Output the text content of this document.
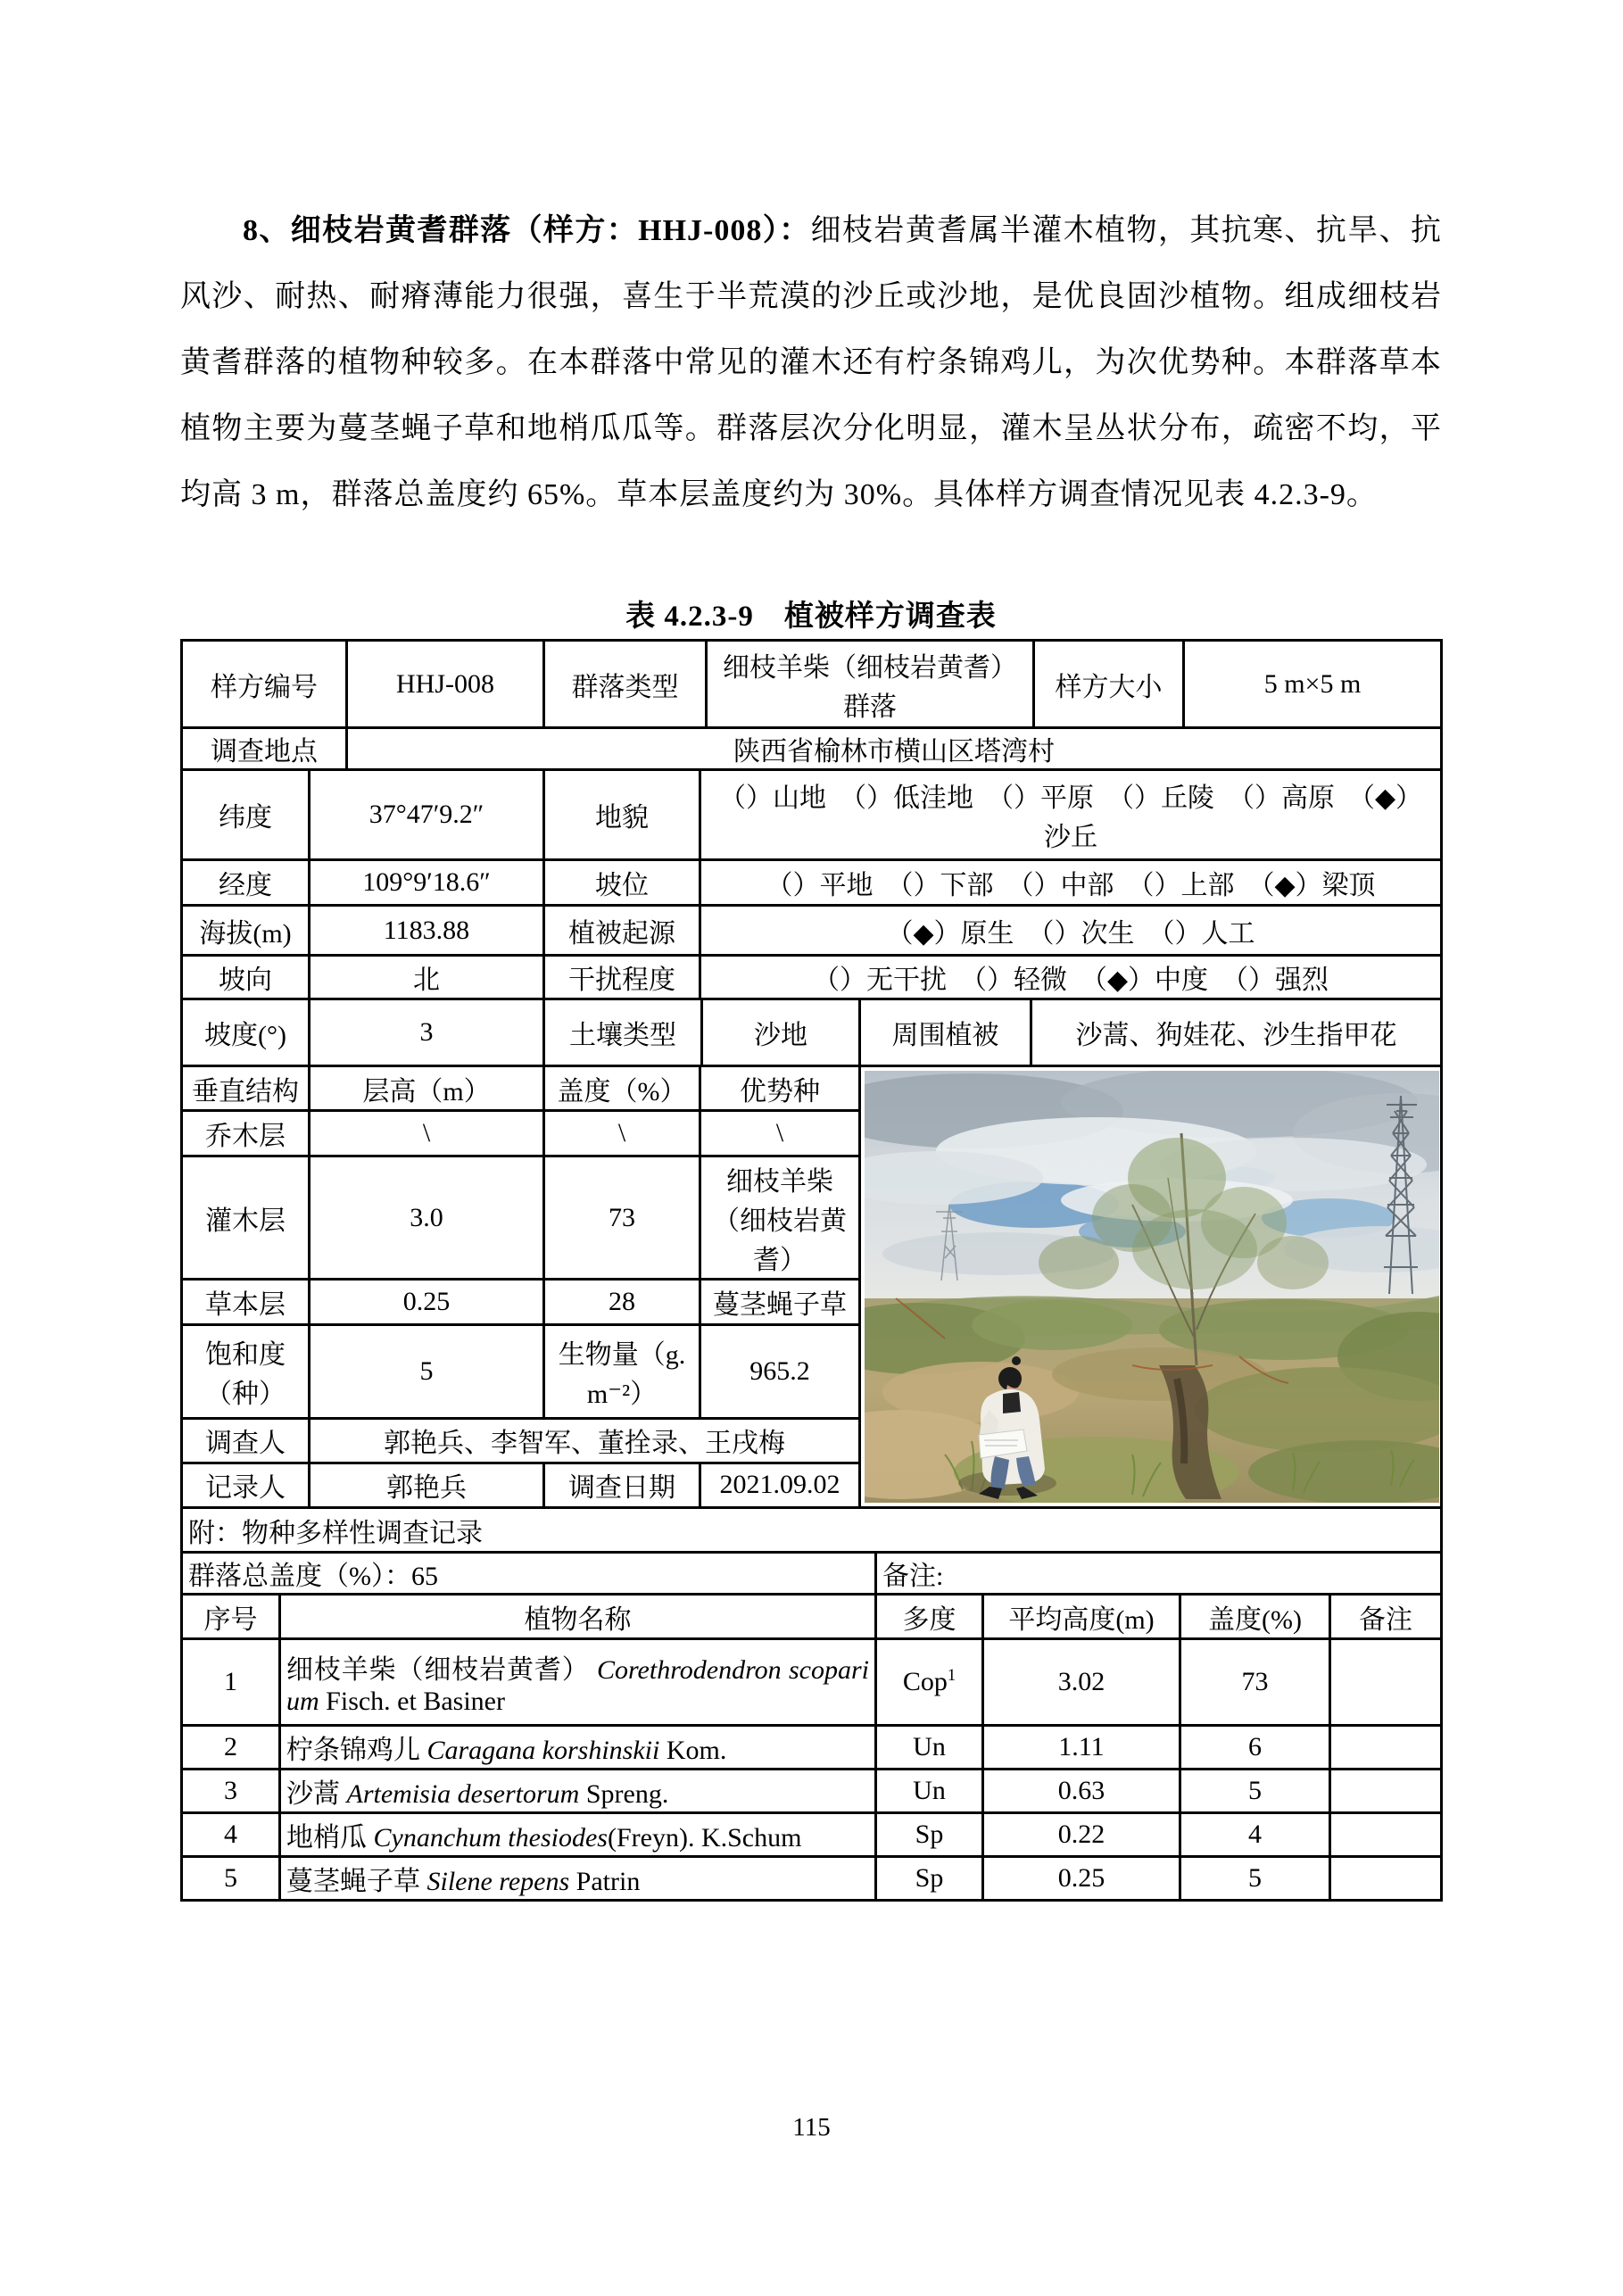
8、细枝岩黄耆群落（样方：HHJ-008）：细枝岩黄耆属半灌木植物，其抗寒、抗旱、抗风沙、耐热、耐瘠薄能力很强，喜生于半荒漠的沙丘或沙地，是优良固沙植物。组成细枝岩黄耆群落的植物种较多。在本群落中常见的灌木还有柠条锦鸡儿，为次优势种。本群落草本植物主要为蔓茎蝇子草和地梢瓜瓜等。群落层次分化明显，灌木呈丛状分布，疏密不均，平均高 3 m，群落总盖度约 65%。草本层盖度约为 30%。具体样方调查情况见表 4.2.3-9。
表 4.2.3-9　植被样方调查表
样方编号	HHJ-008	群落类型	细枝羊柴（细枝岩黄耆）群落	样方大小	5 m×5 m
调查地点	陕西省榆林市横山区塔湾村				
纬度	37°47′9.2″	地貌	（）山地　（）低洼地　（）平原　（）丘陵　（）高原　（◆）沙丘
经度	109°9′18.6″	坡位	（）平地　（）下部　（）中部　（）上部　（◆）梁顶
海拔(m)	1183.88	植被起源	（◆）原生　（）次生　（）人工
坡向	北	干扰程度	（）无干扰　（）轻微　（◆）中度　（）强烈
坡度(°)	3	土壤类型	沙地	周围植被	沙蒿、狗娃花、沙生指甲花
垂直结构	层高（m）	盖度（%）	优势种	

乔木层	\	\	\	
灌木层	3.0	73	细枝羊柴（细枝岩黄耆）	
草本层	0.25	28	蔓茎蝇子草	
饱和度（种）	5	生物量（g.m⁻²）	965.2	
调查人	郭艳兵、李智军、董拴录、王戌梅			
记录人	郭艳兵	调查日期	2021.09.02	
附：物种多样性调查记录
群落总盖度（%）：65	备注:
序号	植物名称	多度	平均高度(m)	盖度(%)	备注
1	细枝羊柴（细枝岩黄耆） Corethrodendron scoparium Fisch. et Basiner	Cop$^1$	3.02	73	
2	柠条锦鸡儿 Caragana korshinskii Kom.	Un	1.11	6	
3	沙蒿 Artemisia desertorum Spreng.	Un	0.63	5	
4	地梢瓜 Cynanchum thesiodes(Freyn). K.Schum	Sp	0.22	4	
5	蔓茎蝇子草 Silene repens Patrin	Sp	0.25	5	
115
